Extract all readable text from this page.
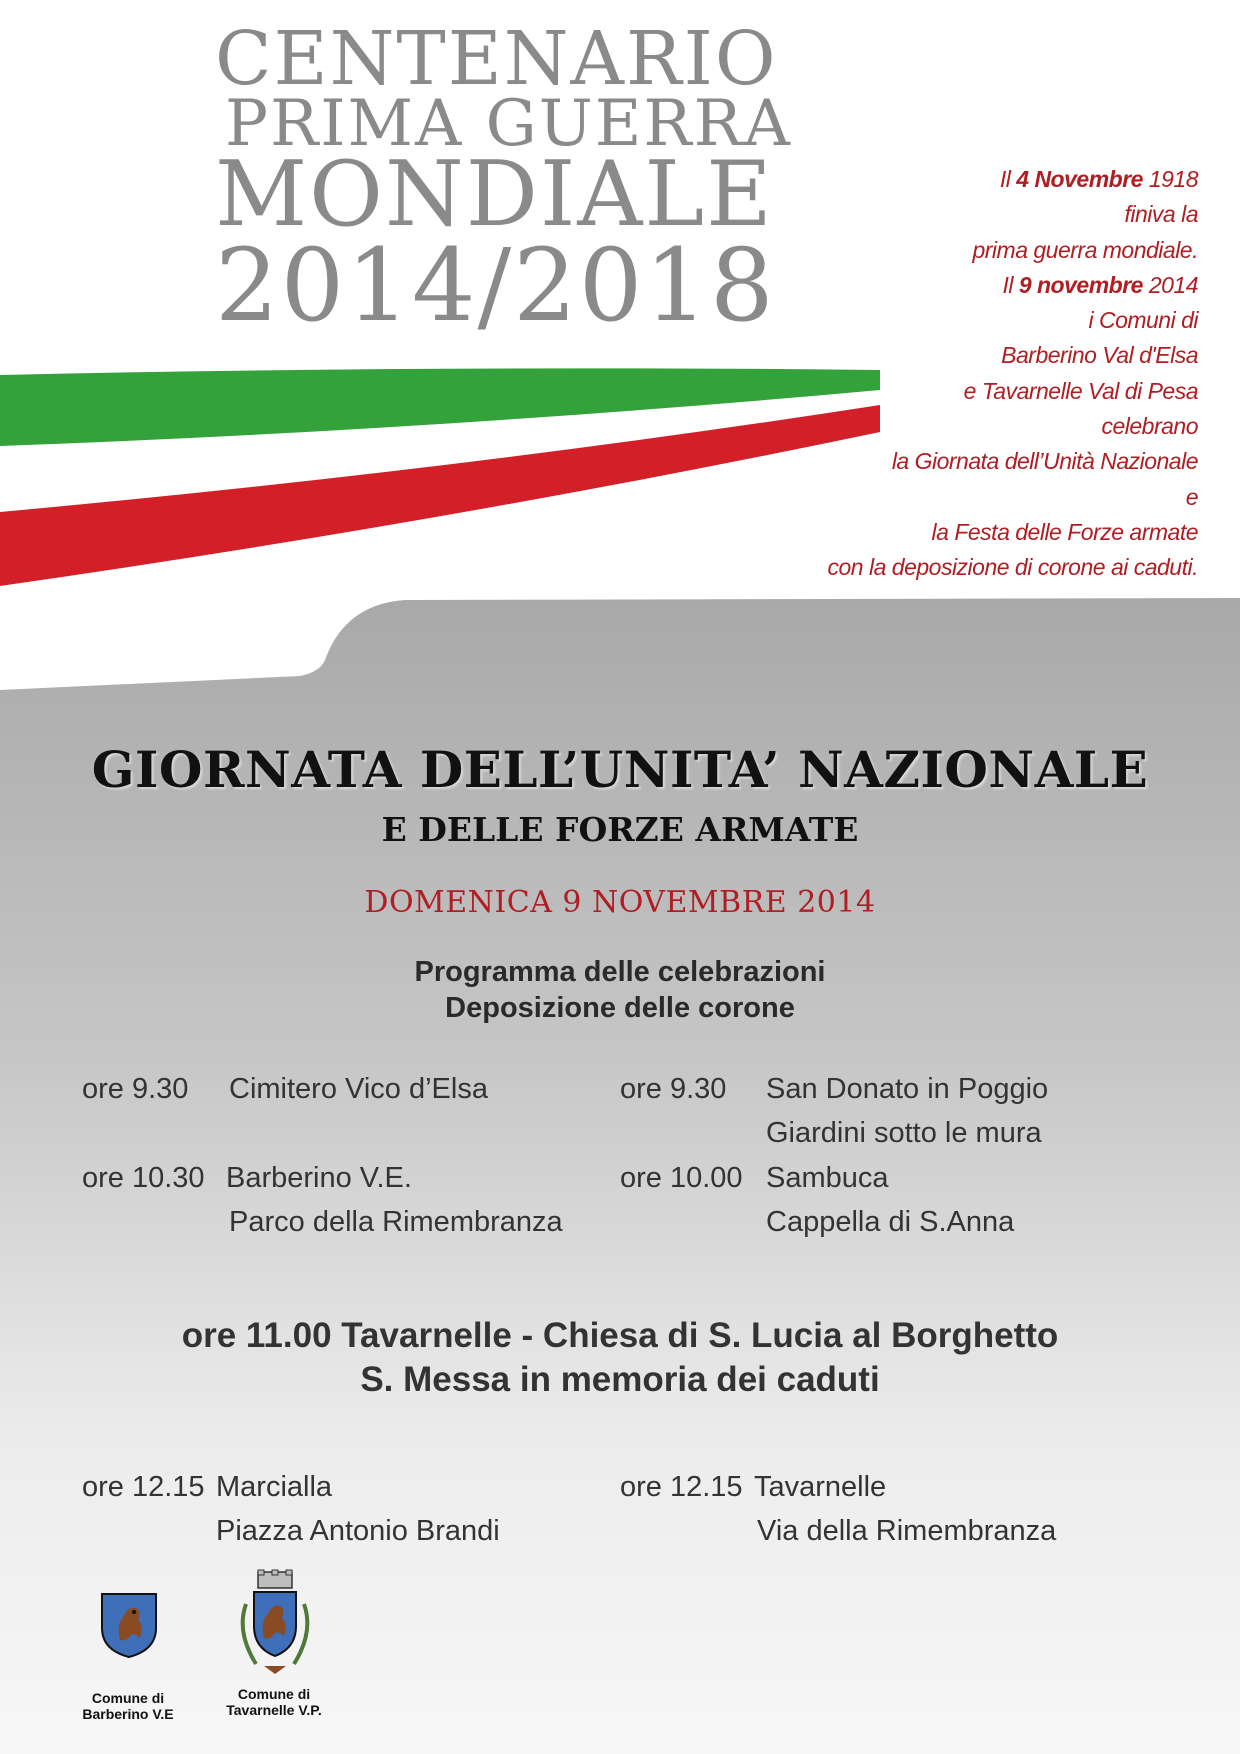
CENTENARIO
PRIMA GUERRA
MONDIALE
2014/2018

Il 4 Novembre 1918

finiva la

prima guerra mondiale.

Il 9 novembre 2014

i Comuni di

Barberino Val d'Elsa

e Tavarnelle Val di Pesa

celebrano

la Giornata dell’Unità Nazionale

e

la Festa delle Forze armate

con la deposizione di corone ai caduti.

GIORNATA DELL’UNITA’ NAZIONALE
E DELLE FORZE ARMATE
DOMENICA 9 NOVEMBRE 2014
Programma delle celebrazioni
Deposizione delle corone
ore 9.30 Cimitero Vico d’Elsa	ore 9.30 San Donato in Poggio
Giardini sotto le mura
ore 10.30 Barberino V.E.
Parco della Rimembranza
ore 10.00 Sambuca
Cappella di S.Anna
ore 11.00 Tavarnelle - Chiesa di S. Lucia al Borghetto
S. Messa in memoria dei caduti
ore 12.15 Marcialla
Piazza Antonio Brandi
ore 12.15 Tavarnelle
Via della Rimembranza
Comune di
Barberino V.E
Comune di
Tavarnelle V.P.
